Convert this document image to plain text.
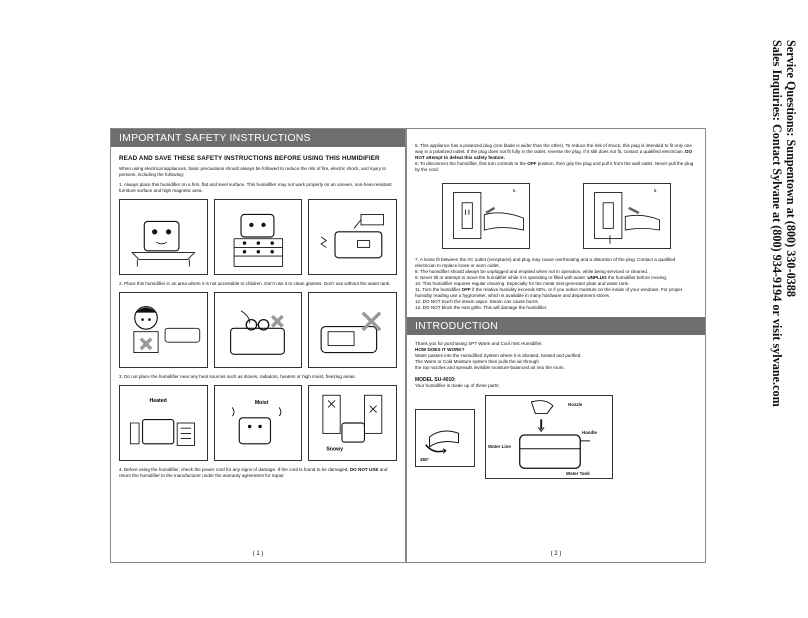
Service Questions: Sunpentown at (800) 330-0388
Sales Inquiries: Contact Sylvane at (800) 934-9194 or visit sylvane.com
IMPORTANT SAFETY INSTRUCTIONS
READ AND SAVE THESE SAFETY INSTRUCTIONS BEFORE USING THIS HUMIDIFIER
When using electrical appliances, basic precautions should always be followed to reduce the risk of fire, electric shock, and injury to persons, including the following:
1. Always place this humidifier on a firm, flat and level surface. This humidifier may not work properly on an uneven, non-heat-resistant furniture surface and high magnetic area.
2. Place this humidifier in an area where it is not accessible to children. Don't use it to clean glasses. Don't use without the water tank.
3. Do not place the humidifier near any heat sources such as stoves, radiators, heaters or high moist, freezing areas.
Heated	Moist
Snowy
4. Before using the humidifier, check the power cord for any signs of damage. If the cord is found to be damaged, DO NOT USE and return the humidifier to the manufacturer under the warranty agreement for repair.
( 1 )
5. This appliance has a polarized plug (one blade is wider than the other). To reduce the risk of shock, this plug is intended to fit only one way in a polarized outlet. If the plug does not fit fully in the outlet, reverse the plug. If it still does not fit, contact a qualified electrician. DO NOT attempt to defeat this safety feature.
6. To disconnect the humidifier, first turn controls to the OFF position, then grip the plug and pull it from the wall outlet. Never pull the plug by the cord.
5.	6.
7. A loose fit between the AC outlet (receptacle) and plug may cause overheating and a distortion of the plug. Contact a qualified electrician to replace loose or worn outlet.
8. The humidifier should always be unplugged and emptied when not in operation, while being serviced or cleaned.
9. Never tilt or attempt to move the humidifier while it is operating or filled with water. UNPLUG the humidifier before moving.
10. This humidifier requires regular cleaning. Especially for the metal mist-generator plate and water tank.
11. Turn the humidifier OFF if the relative humidity exceeds 60%, or if you notice moisture on the inside of your windows. For proper humidity reading use a hygrometer, which is available in many hardware and department stores.
12. DO NOT touch the steam vapor. Steam can cause burns.
13. DO NOT block the mist grille. This will damage the humidifier.
INTRODUCTION
Thank you for purchasing SPT Warm and Cool mist Humidifier.
HOW DOES IT WORK?
Water passes into the Humidified System where it is vibrated, heated and purified.
The Warm or Cold Moisture system then pulls the air through
the top nozzles and spreads invisible moisture-balanced air into the room.
MODEL SU-4010:
Your humidifier is made up of these parts:
360°
Nozzle
Handle
Water Line
Water Tank
( 2 )
